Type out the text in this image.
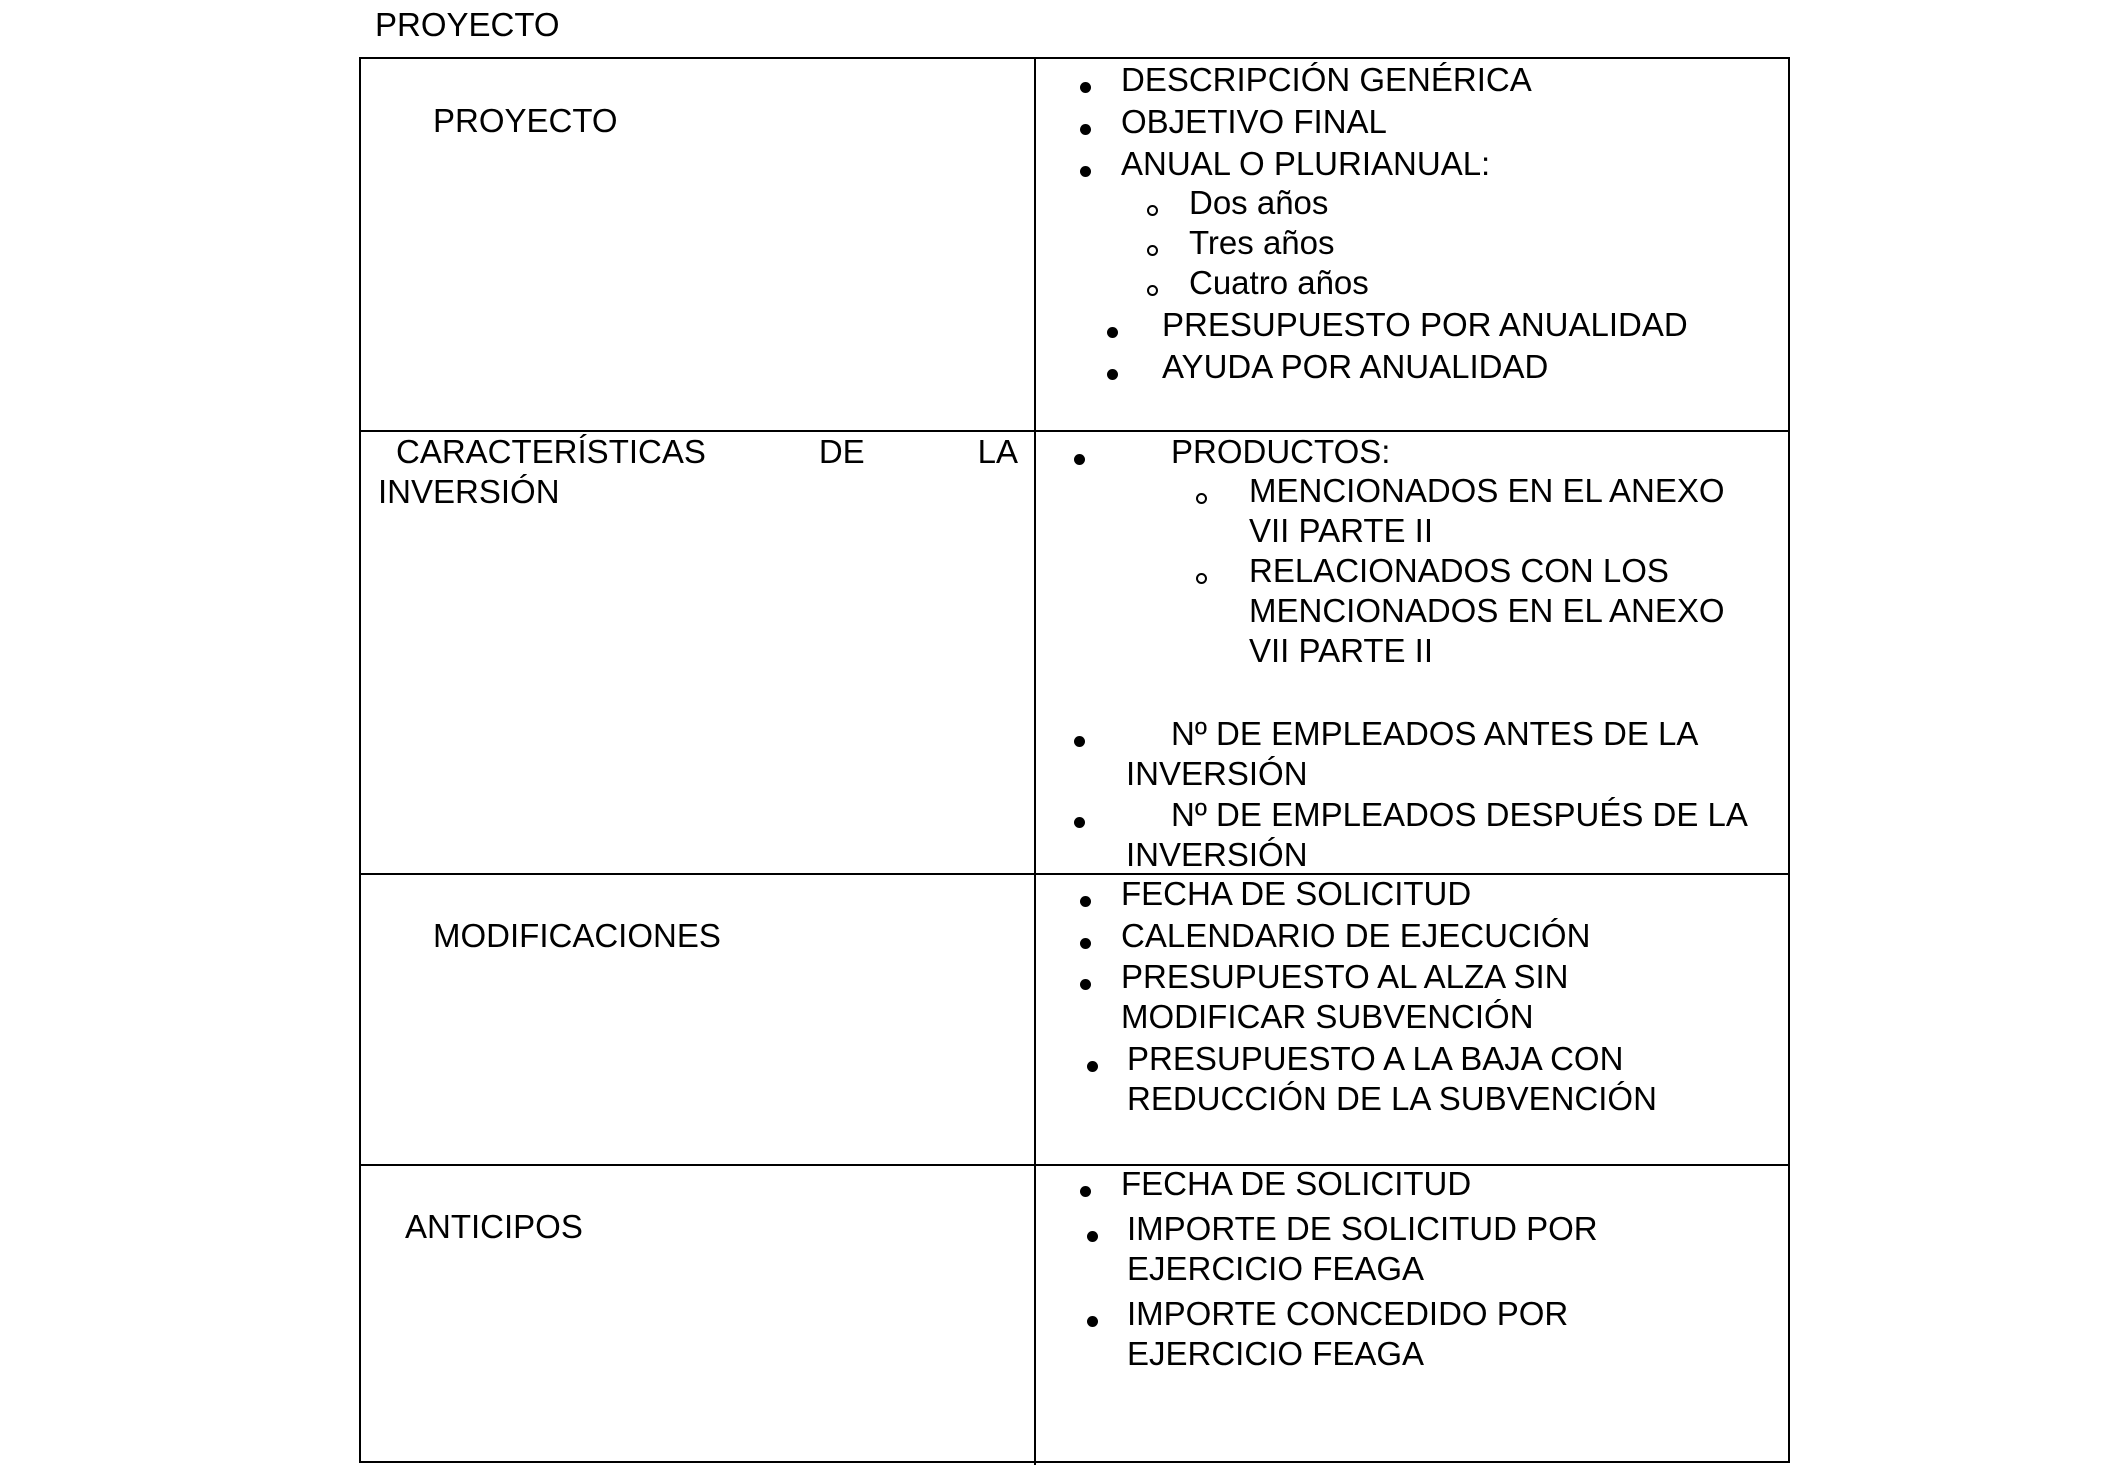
PROYECTO
PROYECTO
DESCRIPCIÓN GENÉRICA
OBJETIVO FINAL
ANUAL O PLURIANUAL:
Dos años
Tres años
Cuatro años
PRESUPUESTO POR ANUALIDAD
AYUDA POR ANUALIDAD
CARACTERÍSTICAS	DE	LA
INVERSIÓN
PRODUCTOS:
MENCIONADOS EN EL ANEXO
VII PARTE II
RELACIONADOS CON LOS
MENCIONADOS EN EL ANEXO
VII PARTE II
Nº DE EMPLEADOS ANTES DE LA
INVERSIÓN
Nº DE EMPLEADOS DESPUÉS DE LA
INVERSIÓN
MODIFICACIONES
FECHA DE SOLICITUD
CALENDARIO DE EJECUCIÓN
PRESUPUESTO AL ALZA SIN
MODIFICAR SUBVENCIÓN
PRESUPUESTO A LA BAJA CON
REDUCCIÓN DE LA SUBVENCIÓN
ANTICIPOS
FECHA DE SOLICITUD
IMPORTE DE SOLICITUD POR
EJERCICIO FEAGA
IMPORTE CONCEDIDO POR
EJERCICIO FEAGA
